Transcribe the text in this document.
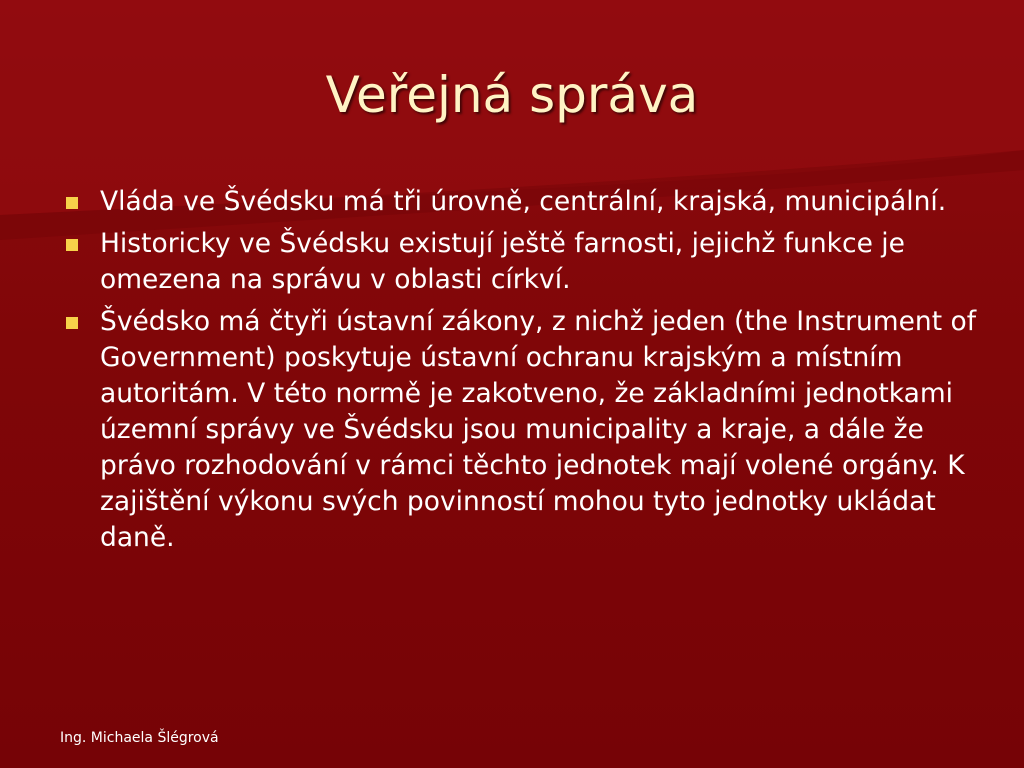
Veřejná správa
Vláda ve Švédsku má tři úrovně, centrální, krajská, municipální.
Historicky ve Švédsku existují ještě farnosti, jejichž funkce je omezena na správu v oblasti církví.
Švédsko má čtyři ústavní zákony, z nichž jeden (the Instrument of Government) poskytuje ústavní ochranu krajským a místním autoritám. V této normě je zakotveno, že základními jednotkami územní správy ve Švédsku jsou municipality a kraje, a dále že právo rozhodování v rámci těchto jednotek mají volené orgány. K zajištění výkonu svých povinností mohou tyto jednotky ukládat daně.
Ing. Michaela Šlégrová
